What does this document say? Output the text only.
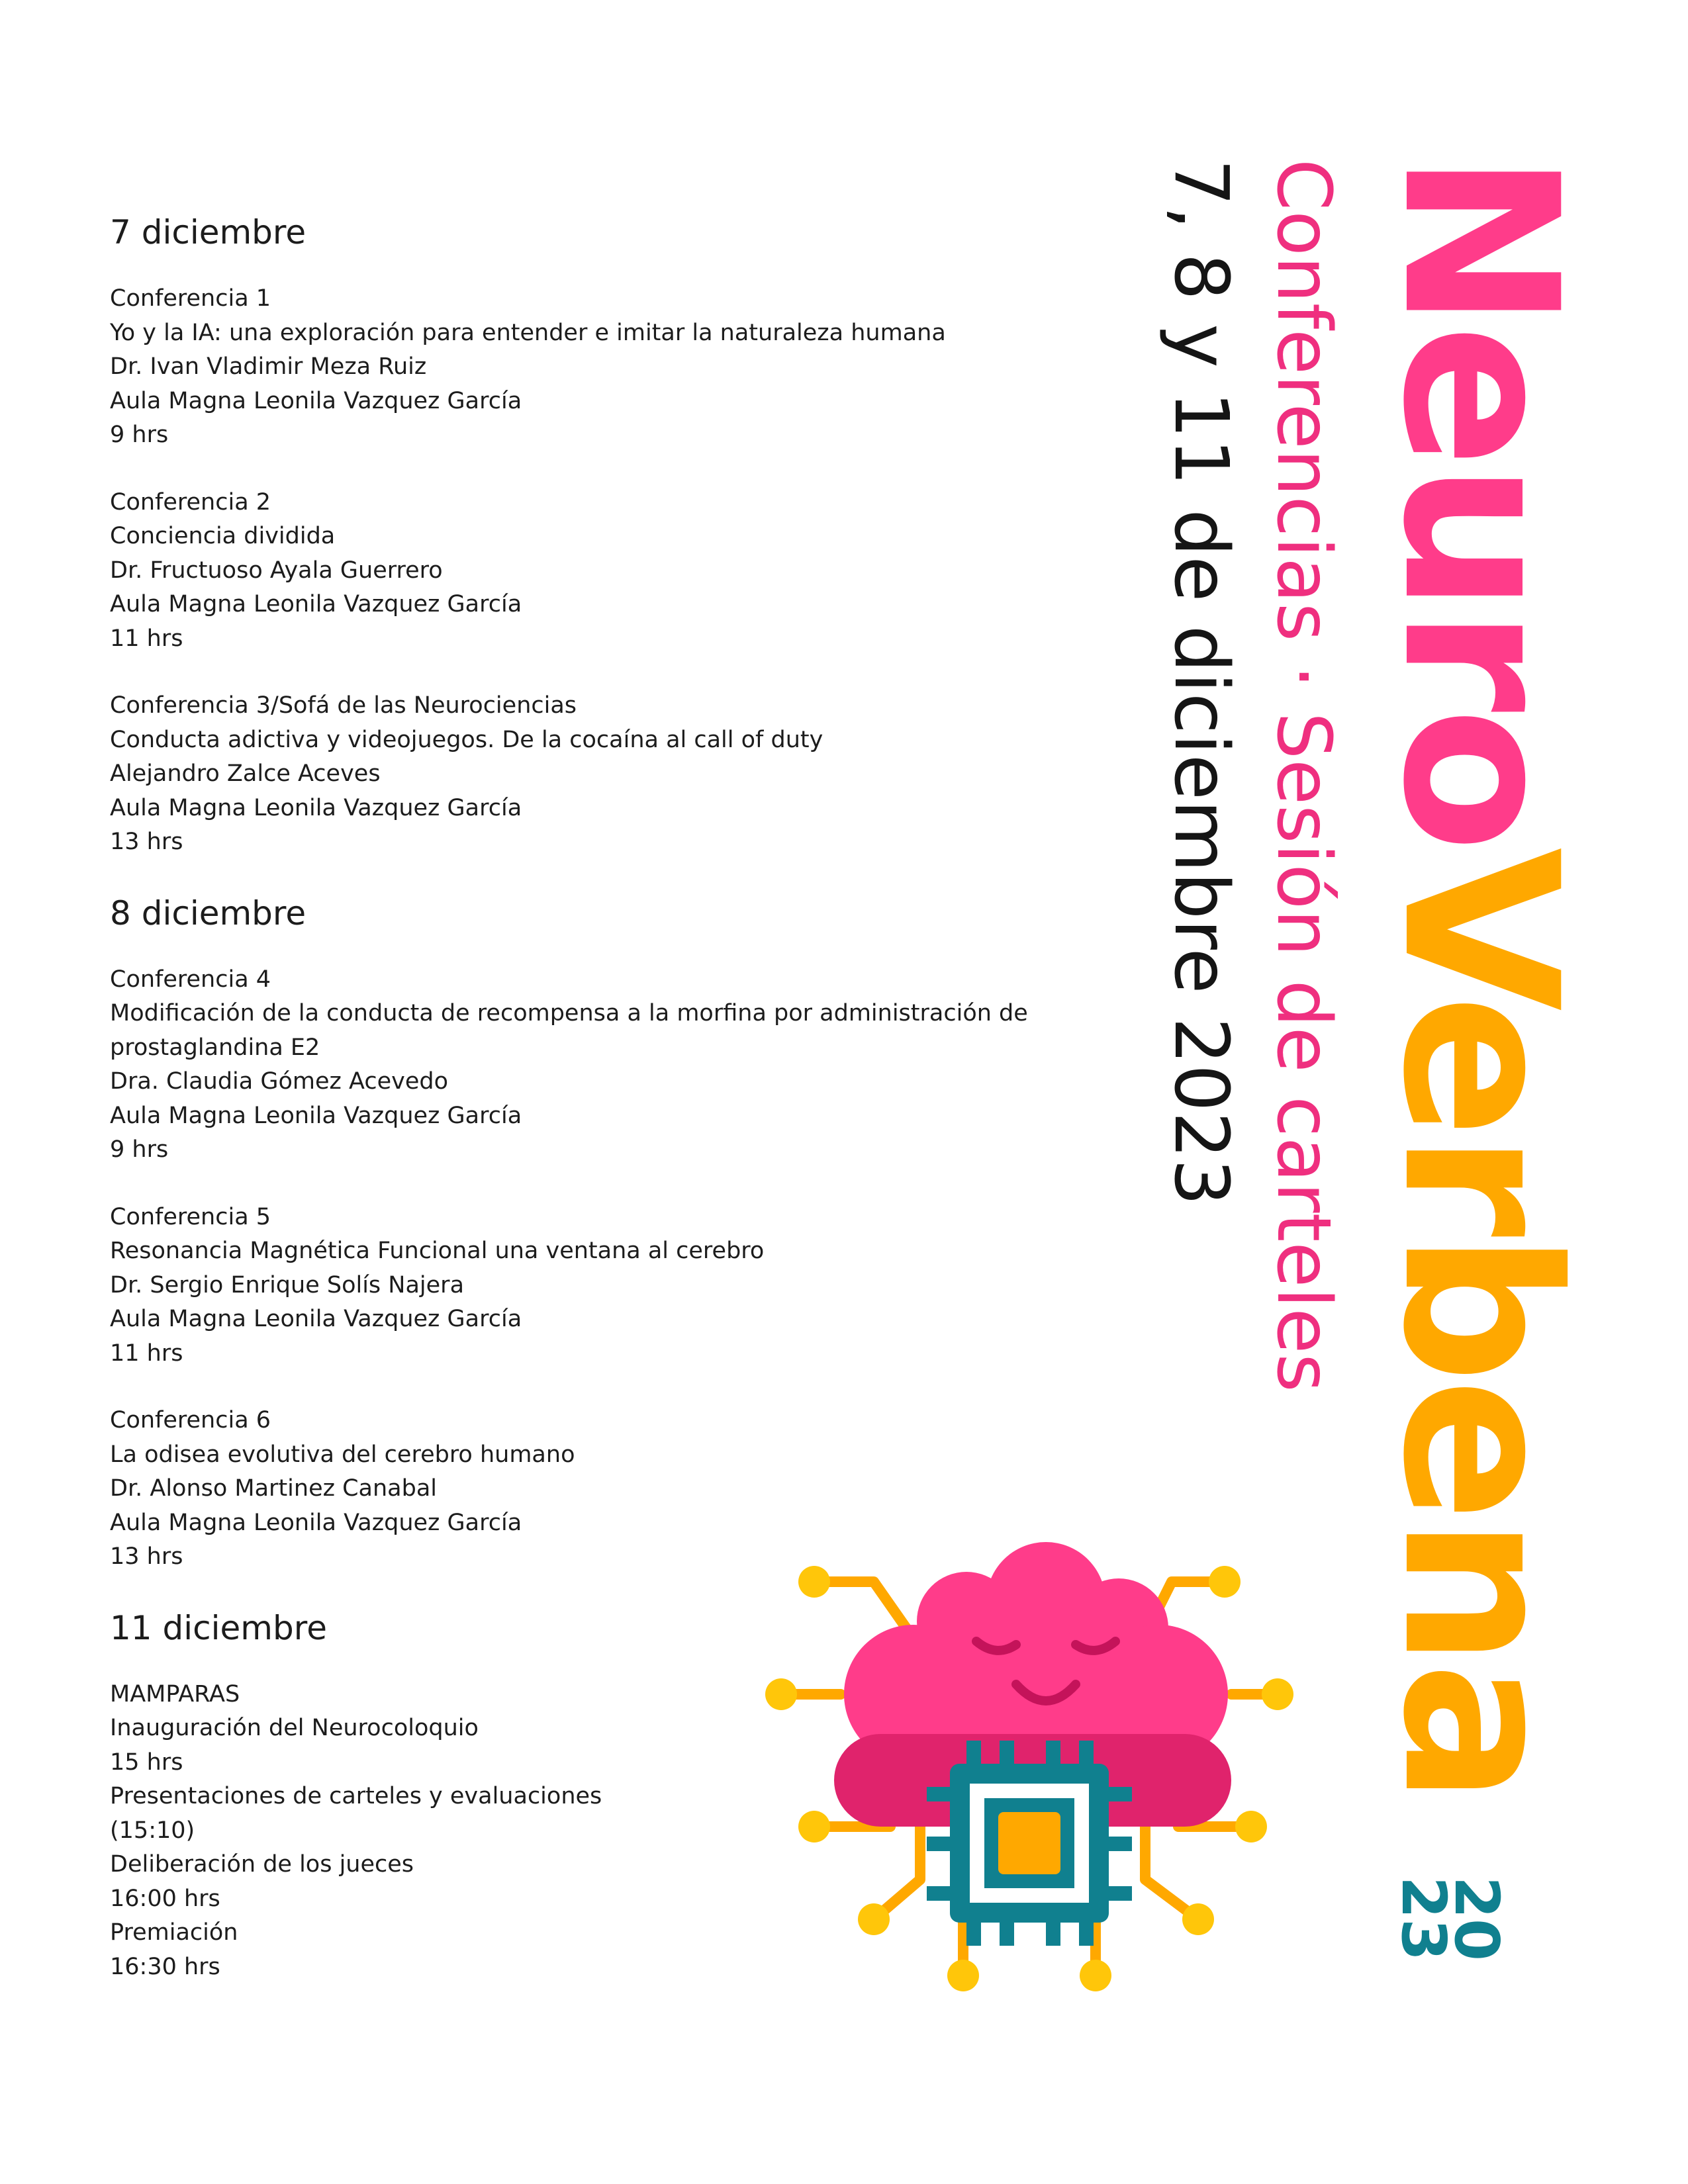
7 diciembre

Conferencia 1

Yo y la IA: una exploración para entender e imitar la naturaleza humana

Dr. Ivan Vladimir Meza Ruiz

Aula Magna Leonila Vazquez García

9 hrs

Conferencia 2

Conciencia dividida

Dr. Fructuoso Ayala Guerrero

Aula Magna Leonila Vazquez García

11 hrs

Conferencia 3/Sofá de las Neurociencias

Conducta adictiva y videojuegos. De la cocaína al call of duty

Alejandro Zalce Aceves

Aula Magna Leonila Vazquez García

13 hrs

8 diciembre

Conferencia 4

Modificación de la conducta de recompensa a la morfina por administración de

prostaglandina E2

Dra. Claudia Gómez Acevedo

Aula Magna Leonila Vazquez García

9 hrs

Conferencia 5

Resonancia Magnética Funcional una ventana al cerebro

Dr. Sergio Enrique Solís Najera

Aula Magna Leonila Vazquez García

11 hrs

Conferencia 6

La odisea evolutiva del cerebro humano

Dr. Alonso Martinez Canabal

Aula Magna Leonila Vazquez García

13 hrs

11 diciembre

MAMPARAS

Inauguración del Neurocoloquio

15 hrs

Presentaciones de carteles y evaluaciones

(15:10)

Deliberación de los jueces

16:00 hrs

Premiación

16:30 hrs

NeuroVerbena
Conferencias · Sesión de carteles
7, 8 y 11 de diciembre 2023
20
23
